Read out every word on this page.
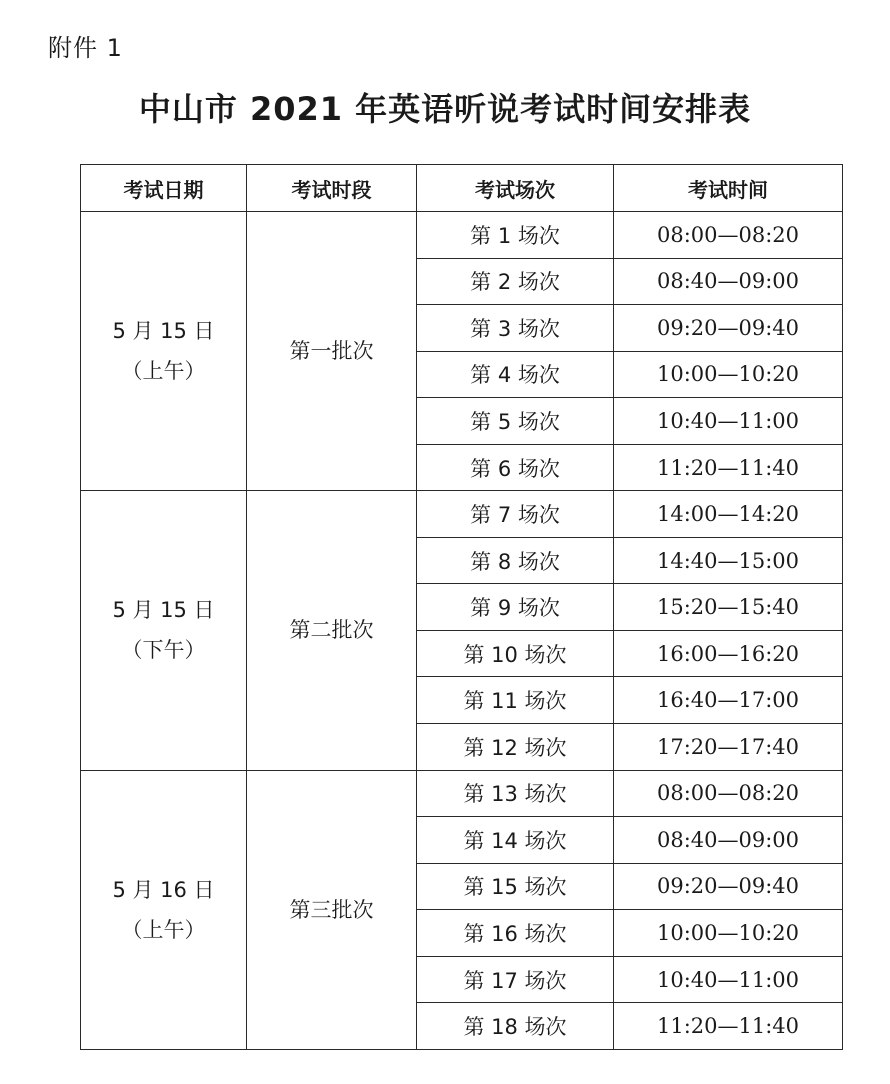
附件 1
中山市 2021 年英语听说考试时间安排表
考试日期	考试时段	考试场次	考试时间

5 月 15 日
（上午）	第一批次	第 1 场次	08:00—08:20
		第 2 场次	08:40—09:00
		第 3 场次	09:20—09:40
		第 4 场次	10:00—10:20
		第 5 场次	10:40—11:00
		第 6 场次	11:20—11:40

5 月 15 日
（下午）	第二批次	第 7 场次	14:00—14:20
		第 8 场次	14:40—15:00
		第 9 场次	15:20—15:40
		第 10 场次	16:00—16:20
		第 11 场次	16:40—17:00
		第 12 场次	17:20—17:40

5 月 16 日
（上午）	第三批次	第 13 场次	08:00—08:20
		第 14 场次	08:40—09:00
		第 15 场次	09:20—09:40
		第 16 场次	10:00—10:20
		第 17 场次	10:40—11:00
		第 18 场次	11:20—11:40
